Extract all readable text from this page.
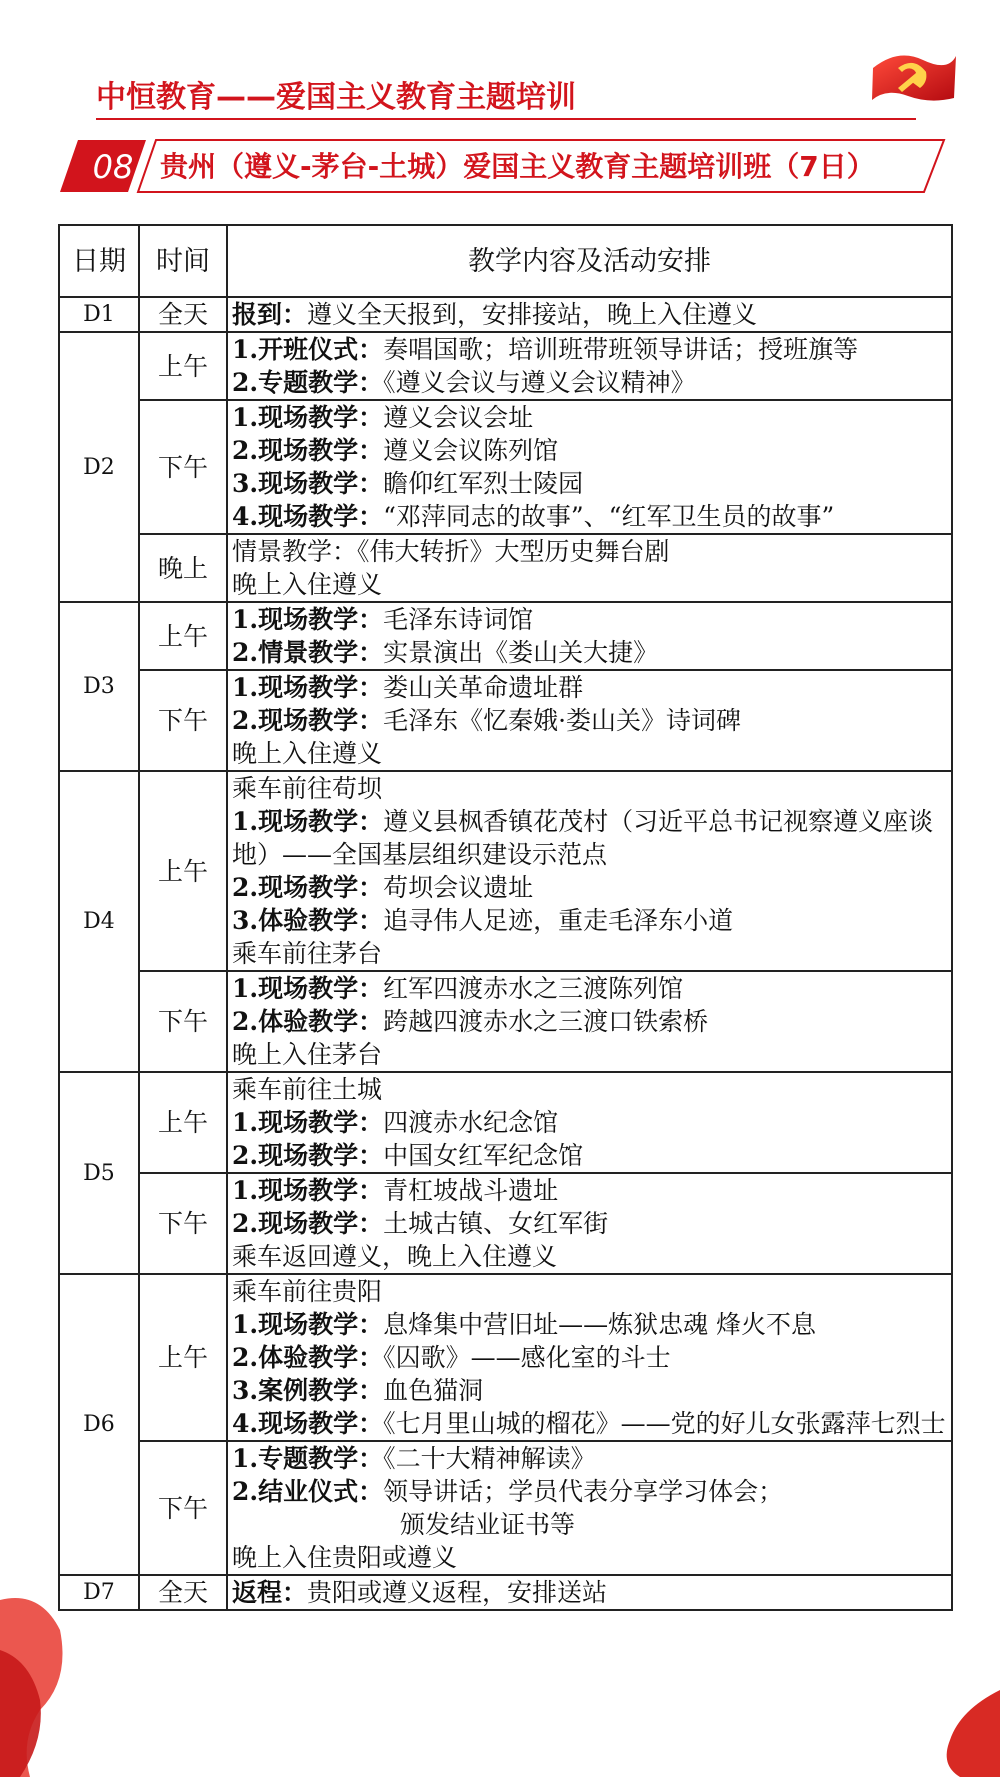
中恒教育——爱国主义教育主题培训
08 贵州（遵义-茅台-土城）爱国主义教育主题培训班（7日）
日期	时间	教学内容及活动安排
D1	全天	报到：遵义全天报到，安排接站，晚上入住遵义

D2	上午	1.开班仪式：奏唱国歌；培训班带班领导讲话；授班旗等
2.专题教学：《遵义会议与遵义会议精神》

	下午	1.现场教学：遵义会议会址
2.现场教学：遵义会议陈列馆
3.现场教学：瞻仰红军烈士陵园
4.现场教学：“邓萍同志的故事”、“红军卫生员的故事”

	晚上	情景教学：《伟大转折》大型历史舞台剧
晚上入住遵义

D3	上午	1.现场教学：毛泽东诗词馆
2.情景教学：实景演出《娄山关大捷》

	下午	1.现场教学：娄山关革命遗址群
2.现场教学：毛泽东《忆秦娥·娄山关》诗词碑
晚上入住遵义

D4	上午	乘车前往苟坝
1.现场教学：遵义县枫香镇花茂村（习近平总书记视察遵义座谈地）——全国基层组织建设示范点
2.现场教学：苟坝会议遗址
3.体验教学：追寻伟人足迹，重走毛泽东小道
乘车前往茅台

	下午	1.现场教学：红军四渡赤水之三渡陈列馆
2.体验教学：跨越四渡赤水之三渡口铁索桥
晚上入住茅台

D5	上午	乘车前往土城
1.现场教学：四渡赤水纪念馆
2.现场教学：中国女红军纪念馆

	下午	1.现场教学：青杠坡战斗遗址
2.现场教学：土城古镇、女红军街
乘车返回遵义，晚上入住遵义

D6	上午	乘车前往贵阳
1.现场教学：息烽集中营旧址——炼狱忠魂 烽火不息
2.体验教学：《囚歌》——感化室的斗士
3.案例教学：血色猫洞
4.现场教学：《七月里山城的榴花》——党的好儿女张露萍七烈士

	下午	1.专题教学：《二十大精神解读》
2.结业仪式：领导讲话；学员代表分享学习体会；
颁发结业证书等
晚上入住贵阳或遵义

D7	全天	返程：贵阳或遵义返程，安排送站
